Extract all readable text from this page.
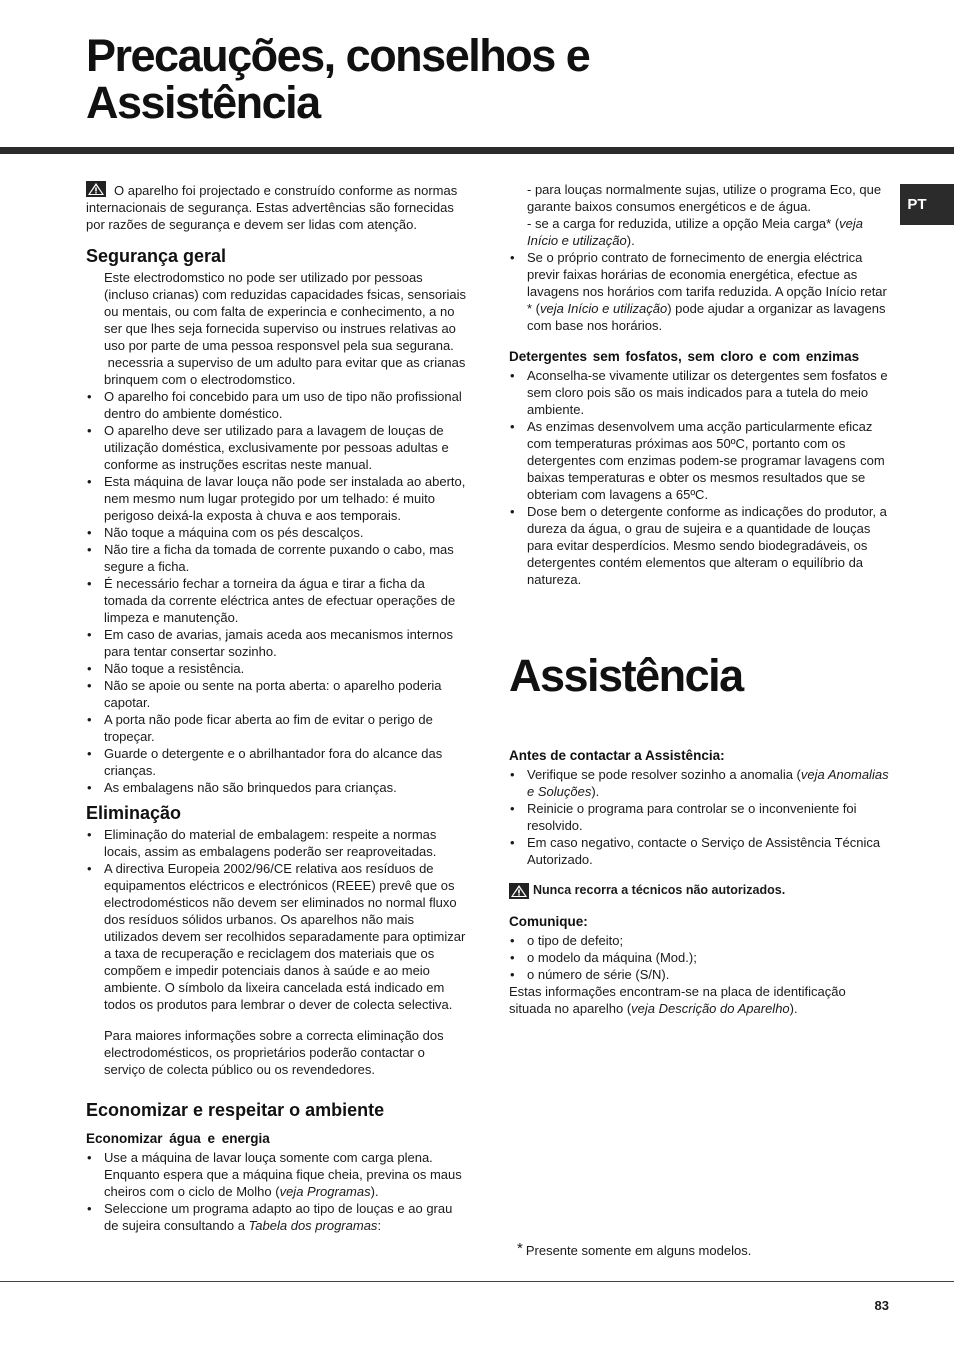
Precauções, conselhos e
Assistência
PT

O aparelho foi projectado e construído conforme as normas internacionais de segurança. Estas advertências são fornecidas por razões de segurança e devem ser lidas com atenção.

Segurança geral

Este electrodomstico no pode ser utilizado por pessoas (incluso crianas) com reduzidas capacidades fsicas, sensoriais ou mentais, ou com falta de experincia e conhecimento, a no ser que lhes seja fornecida superviso ou instrues relativas ao uso por parte de uma pessoa responsvel pela sua segurana.

necessria a superviso de um adulto para evitar que as crianas brinquem com o electrodomstico.

• O aparelho foi concebido para um uso de tipo não profissional dentro do ambiente doméstico.
• O aparelho deve ser utilizado para a lavagem de louças de utilização doméstica, exclusivamente por pessoas adultas e conforme as instruções escritas neste manual.
• Esta máquina de lavar louça não pode ser instalada ao aberto, nem mesmo num lugar protegido por um telhado: é muito perigoso deixá-la exposta à chuva e aos temporais.
• Não toque a máquina com os pés descalços.
• Não tire a ficha da tomada de corrente puxando o cabo, mas segure a ficha.
• É necessário fechar a torneira da água e tirar a ficha da tomada da corrente eléctrica antes de efectuar operações de limpeza e manutenção.
• Em caso de avarias, jamais aceda aos mecanismos internos para tentar consertar sozinho.
• Não toque a resistência.
• Não se apoie ou sente na porta aberta: o aparelho poderia capotar.
• A porta não pode ficar aberta ao fim de evitar o perigo de tropeçar.
• Guarde o detergente e o abrilhantador fora do alcance das crianças.
• As embalagens não são brinquedos para crianças.
Eliminação
• Eliminação do material de embalagem: respeite a normas locais, assim as embalagens poderão ser reaproveitadas.
• A directiva Europeia 2002/96/CE relativa aos resíduos de equipamentos eléctricos e electrónicos (REEE) prevê que os electrodomésticos não devem ser eliminados no normal fluxo dos resíduos sólidos urbanos. Os aparelhos não mais utilizados devem ser recolhidos separadamente para optimizar a taxa de recuperação e reciclagem dos materiais que os compõem e impedir potenciais danos à saúde e ao meio ambiente. O símbolo da lixeira cancelada está indicado em todos os produtos para lembrar o dever de colecta selectiva.

Para maiores informações sobre a correcta eliminação dos electrodomésticos, os proprietários poderão contactar o serviço de colecta público ou os revendedores.

Economizar e respeitar o ambiente
Economizar água e energia
• Use a máquina de lavar louça somente com carga plena. Enquanto espera que a máquina fique cheia, previna os maus cheiros com o ciclo de Molho (veja Programas).
• Seleccione um programa adapto ao tipo de louças e ao grau de sujeira consultando a Tabela dos programas:

- para louças normalmente sujas, utilize o programa Eco, que garante baixos consumos energéticos e de água.

- se a carga for reduzida, utilize a opção Meia carga* (veja Início e utilização).

• Se o próprio contrato de fornecimento de energia eléctrica previr faixas horárias de economia energética, efectue as lavagens nos horários com tarifa reduzida. A opção Início retar * (veja Início e utilização) pode ajudar a organizar as lavagens com base nos horários.
Detergentes sem fosfatos, sem cloro e com enzimas
• Aconselha-se vivamente utilizar os detergentes sem fosfatos e sem cloro pois são os mais indicados para a tutela do meio ambiente.
• As enzimas desenvolvem uma acção particularmente eficaz com temperaturas próximas aos 50ºC, portanto com os detergentes com enzimas podem-se programar lavagens com baixas temperaturas e obter os mesmos resultados que se obteriam com lavagens a 65ºC.
• Dose bem o detergente conforme as indicações do produtor, a dureza da água, o grau de sujeira e a quantidade de louças para evitar desperdícios. Mesmo sendo biodegradáveis, os detergentes contém elementos que alteram o equilíbrio da natureza.
Assistência
Antes de contactar a Assistência:
• Verifique se pode resolver sozinho a anomalia (veja Anomalias e Soluções).
• Reinicie o programa para controlar se o inconveniente foi resolvido.
• Em caso negativo, contacte o Serviço de Assistência Técnica Autorizado.
Nunca recorra a técnicos não autorizados.
Comunique:
• o tipo de defeito;
• o modelo da máquina (Mod.);
• o número de série (S/N).

Estas informações encontram-se na placa de identificação situada no aparelho (veja Descrição do Aparelho).

* Presente somente em alguns modelos.
83
